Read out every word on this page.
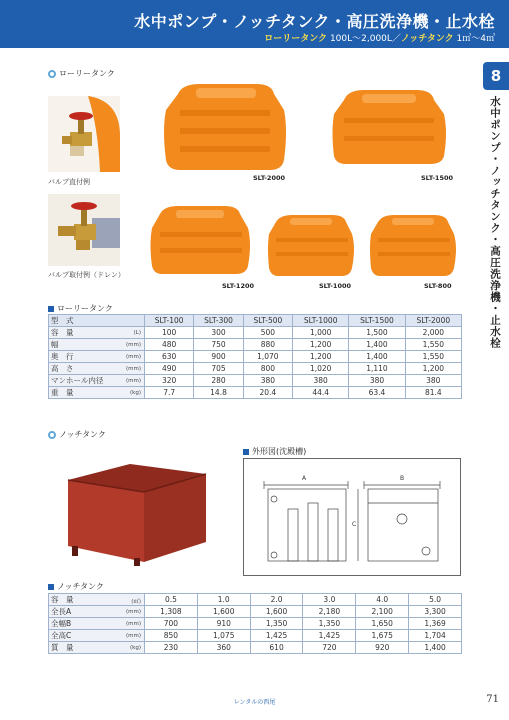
水中ポンプ・ノッチタンク・高圧洗浄機・止水栓
ローリータンク 100L～2,000L／ノッチタンク 1㎥～4㎥
8
水中ポンプ・ノッチタンク・高圧洗浄機・止水栓
ローリータンク
バルブ直付例
バルブ取付例（ドレン）
SLT-2000	SLT-1500
SLT-1200	SLT-1000	SLT-800
ローリータンク
型　式	SLT-100	SLT-300	SLT-500	SLT-1000	SLT-1500	SLT-2000
容　量 (L)	100	300	500	1,000	1,500	2,000
幅 (mm)	480	750	880	1,200	1,400	1,550
奥　行 (mm)	630	900	1,070	1,200	1,400	1,550
高　さ (mm)	490	705	800	1,020	1,110	1,200
マンホール内径 (mm)	320	280	380	380	380	380
重　量 (kg)	7.7	14.8	20.4	44.4	63.4	81.4
ノッチタンク
外形図(沈殿槽)
A	B
C
ノッチタンク
容　量 (㎥)	0.5	1.0	2.0	3.0	4.0	5.0
全長A (mm)	1,308	1,600	1,600	2,180	2,100	3,300
全幅B (mm)	700	910	1,350	1,350	1,650	1,369
全高C (mm)	850	1,075	1,425	1,425	1,675	1,704
質　量 (kg)	230	360	610	720	920	1,400
レンタルの西尾	71
